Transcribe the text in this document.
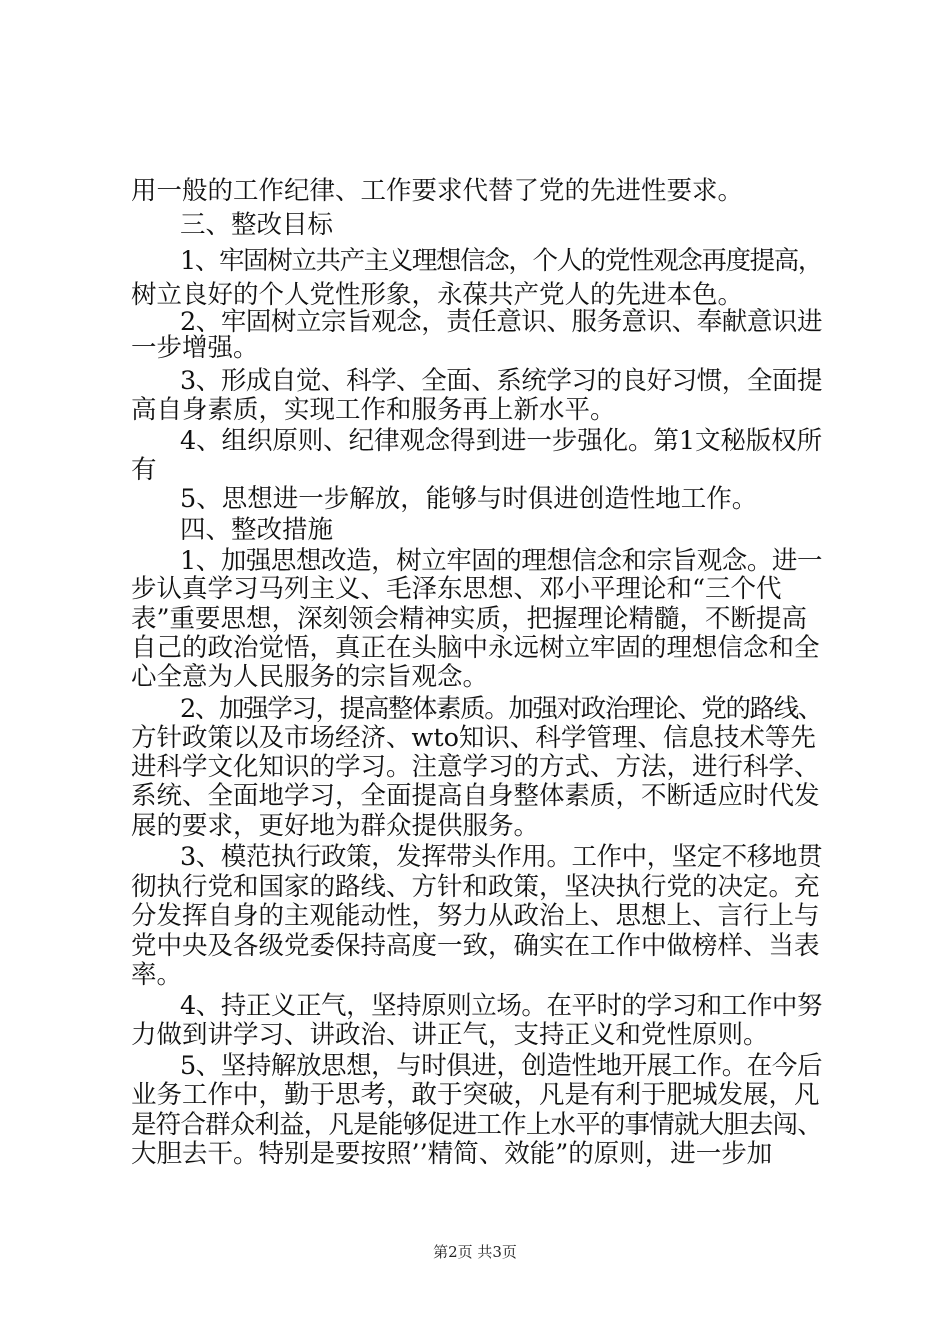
用一般的工作纪律、工作要求代替了党的先进性要求。
三、整改目标
1、牢固树立共产主义理想信念，个人的党性观念再度提高，
树立良好的个人党性形象，永葆共产党人的先进本色。
2、牢固树立宗旨观念，责任意识、服务意识、奉献意识进
一步增强。
3、形成自觉、科学、全面、系统学习的良好习惯，全面提
高自身素质，实现工作和服务再上新水平。
4、组织原则、纪律观念得到进一步强化。第1文秘版权所
有
5、思想进一步解放，能够与时俱进创造性地工作。
四、整改措施
1、加强思想改造，树立牢固的理想信念和宗旨观念。进一
步认真学习马列主义、毛泽东思想、邓小平理论和“三个代
表”重要思想，深刻领会精神实质，把握理论精髓，不断提高
自己的政治觉悟，真正在头脑中永远树立牢固的理想信念和全
心全意为人民服务的宗旨观念。
2、加强学习，提高整体素质。加强对政治理论、党的路线、
方针政策以及市场经济、wto知识、科学管理、信息技术等先
进科学文化知识的学习。注意学习的方式、方法，进行科学、
系统、全面地学习，全面提高自身整体素质，不断适应时代发
展的要求，更好地为群众提供服务。
3、模范执行政策，发挥带头作用。工作中，坚定不移地贯
彻执行党和国家的路线、方针和政策，坚决执行党的决定。充
分发挥自身的主观能动性，努力从政治上、思想上、言行上与
党中央及各级党委保持高度一致，确实在工作中做榜样、当表
率。
4、持正义正气，坚持原则立场。在平时的学习和工作中努
力做到讲学习、讲政治、讲正气，支持正义和党性原则。
5、坚持解放思想，与时俱进，创造性地开展工作。在今后
业务工作中，勤于思考，敢于突破，凡是有利于肥城发展，凡
是符合群众利益，凡是能够促进工作上水平的事情就大胆去闯、
大胆去干。特别是要按照’’精简、效能”的原则，进一步加
第2页 共3页
